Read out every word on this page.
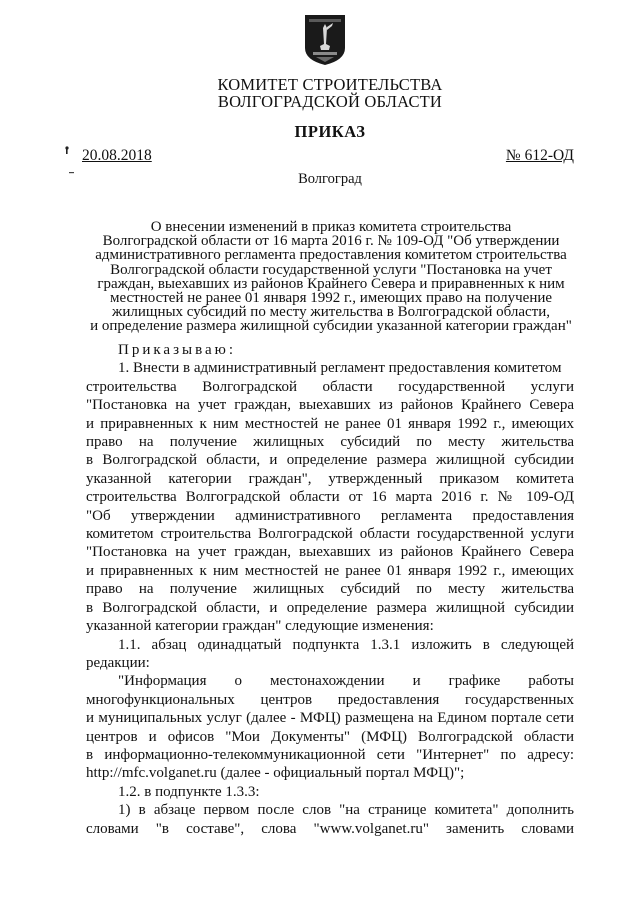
КОМИТЕТ СТРОИТЕЛЬСТВА
ВОЛГОГРАДСКОЙ ОБЛАСТИ
ПРИКАЗ
20.08.2018	№ 612-ОД
Волгоград
О внесении изменений в приказ комитета строительства
Волгоградской области от 16 марта 2016 г. № 109-ОД "Об утверждении
административного регламента предоставления комитетом строительства
Волгоградской области государственной услуги "Постановка на учет
граждан, выехавших из районов Крайнего Севера и приравненных к ним
местностей не ранее 01 января 1992 г., имеющих право на получение
жилищных субсидий по месту жительства в Волгоградской области,
и определение размера жилищной субсидии указанной категории граждан"
Приказываю:
1. Внести в административный регламент предоставления комитетом
строительства Волгоградской области государственной услуги
"Постановка на учет граждан, выехавших из районов Крайнего Севера
и приравненных к ним местностей не ранее 01 января 1992 г., имеющих
право на получение жилищных субсидий по месту жительства
в Волгоградской области, и определение размера жилищной субсидии
указанной категории граждан", утвержденный приказом комитета
строительства Волгоградской области от 16 марта 2016 г. № 109-ОД
"Об утверждении административного регламента предоставления
комитетом строительства Волгоградской области государственной услуги
"Постановка на учет граждан, выехавших из районов Крайнего Севера
и приравненных к ним местностей не ранее 01 января 1992 г., имеющих
право на получение жилищных субсидий по месту жительства
в Волгоградской области, и определение размера жилищной субсидии
указанной категории граждан" следующие изменения:
1.1. абзац одинадцатый подпункта 1.3.1 изложить в следующей
редакции:
"Информация о местонахождении и графике работы
многофункциональных центров предоставления государственных
и муниципальных услуг (далее - МФЦ) размещена на Едином портале сети
центров и офисов "Мои Документы" (МФЦ) Волгоградской области
в информационно-телекоммуникационной сети "Интернет" по адресу:
http://mfc.volganet.ru (далее - официальный портал МФЦ)";
1.2. в подпункте 1.3.3:
1) в абзаце первом после слов "на странице комитета" дополнить
словами "в составе", слова "www.volganet.ru" заменить словами
